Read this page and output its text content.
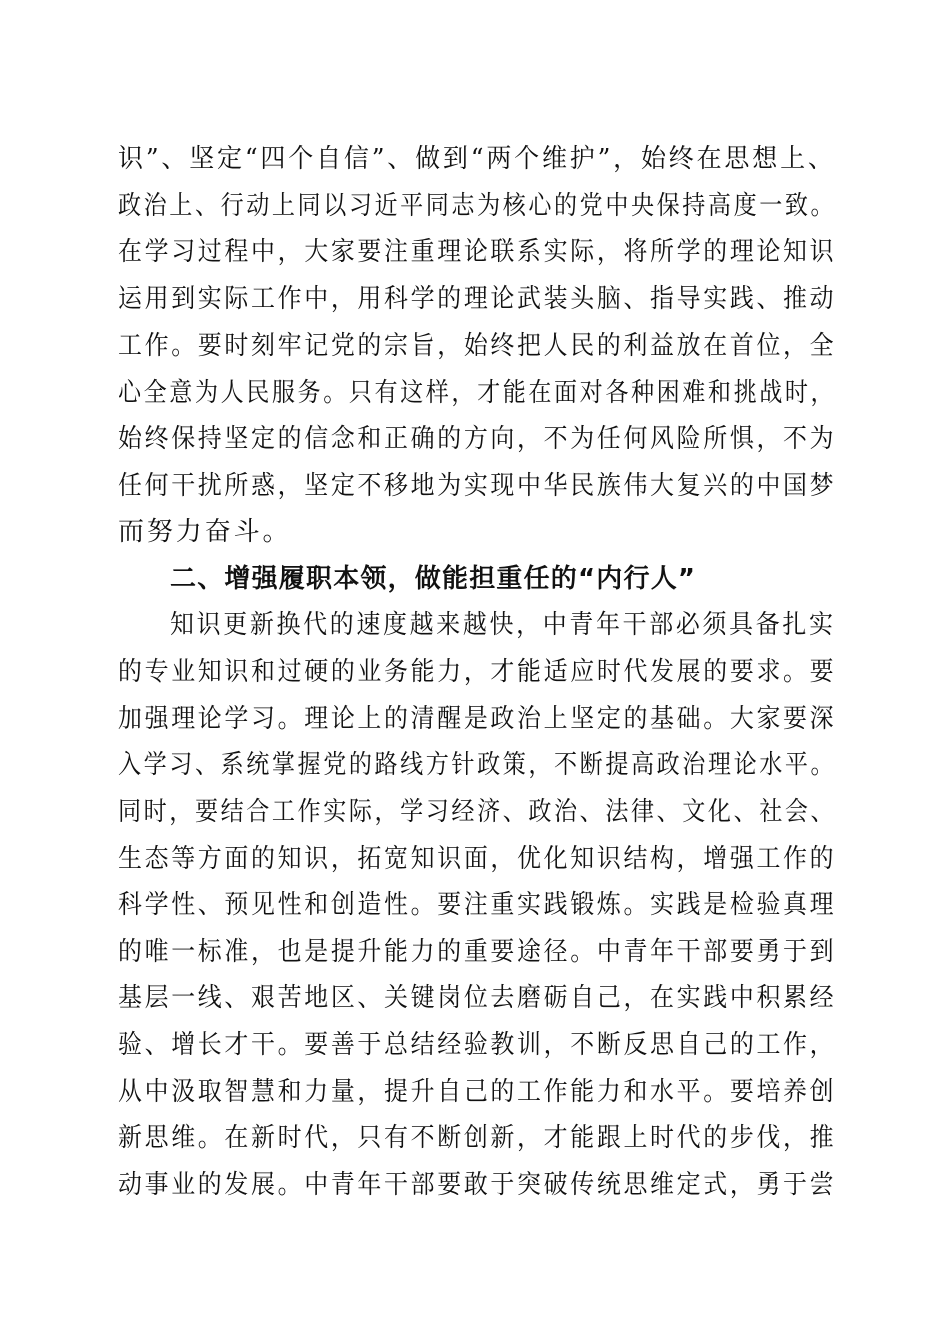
识”、坚定“四个自信”、做到“两个维护”，始终在思想上、
政治上、行动上同以习近平同志为核心的党中央保持高度一致。
在学习过程中，大家要注重理论联系实际，将所学的理论知识
运用到实际工作中，用科学的理论武装头脑、指导实践、推动
工作。要时刻牢记党的宗旨，始终把人民的利益放在首位，全
心全意为人民服务。只有这样，才能在面对各种困难和挑战时，
始终保持坚定的信念和正确的方向，不为任何风险所惧，不为
任何干扰所惑，坚定不移地为实现中华民族伟大复兴的中国梦
而努力奋斗。
二、增强履职本领，做能担重任的“内行人”
知识更新换代的速度越来越快，中青年干部必须具备扎实
的专业知识和过硬的业务能力，才能适应时代发展的要求。要
加强理论学习。理论上的清醒是政治上坚定的基础。大家要深
入学习、系统掌握党的路线方针政策，不断提高政治理论水平。
同时，要结合工作实际，学习经济、政治、法律、文化、社会、
生态等方面的知识，拓宽知识面，优化知识结构，增强工作的
科学性、预见性和创造性。要注重实践锻炼。实践是检验真理
的唯一标准，也是提升能力的重要途径。中青年干部要勇于到
基层一线、艰苦地区、关键岗位去磨砺自己，在实践中积累经
验、增长才干。要善于总结经验教训，不断反思自己的工作，
从中汲取智慧和力量，提升自己的工作能力和水平。要培养创
新思维。在新时代，只有不断创新，才能跟上时代的步伐，推
动事业的发展。中青年干部要敢于突破传统思维定式，勇于尝
